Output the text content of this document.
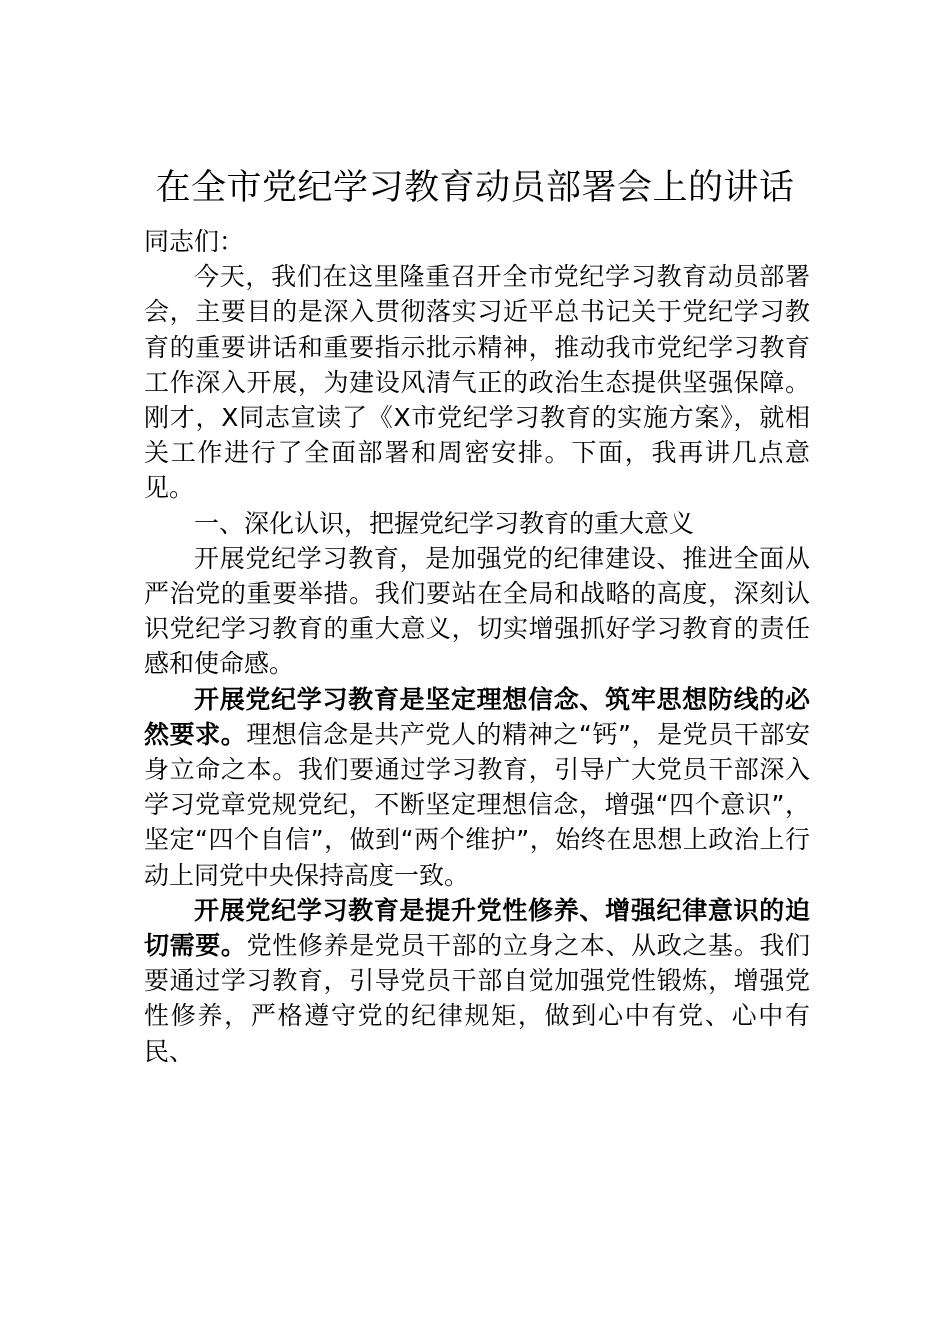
在全市党纪学习教育动员部署会上的讲话

同志们：

今天，我们在这里隆重召开全市党纪学习教育动员部署会，主要目的是深入贯彻落实习近平总书记关于党纪学习教育的重要讲话和重要指示批示精神，推动我市党纪学习教育工作深入开展，为建设风清气正的政治生态提供坚强保障。刚才，X同志宣读了《X市党纪学习教育的实施方案》，就相关工作进行了全面部署和周密安排。下面，我再讲几点意见。

一、深化认识，把握党纪学习教育的重大意义

开展党纪学习教育，是加强党的纪律建设、推进全面从严治党的重要举措。我们要站在全局和战略的高度，深刻认识党纪学习教育的重大意义，切实增强抓好学习教育的责任感和使命感。

开展党纪学习教育是坚定理想信念、筑牢思想防线的必然要求。理想信念是共产党人的精神之“钙”，是党员干部安身立命之本。我们要通过学习教育，引导广大党员干部深入学习党章党规党纪，不断坚定理想信念，增强“四个意识”，坚定“四个自信”，做到“两个维护”，始终在思想上政治上行动上同党中央保持高度一致。

开展党纪学习教育是提升党性修养、增强纪律意识的迫切需要。党性修养是党员干部的立身之本、从政之基。我们要通过学习教育，引导党员干部自觉加强党性锻炼，增强党性修养，严格遵守党的纪律规矩，做到心中有党、心中有民、
